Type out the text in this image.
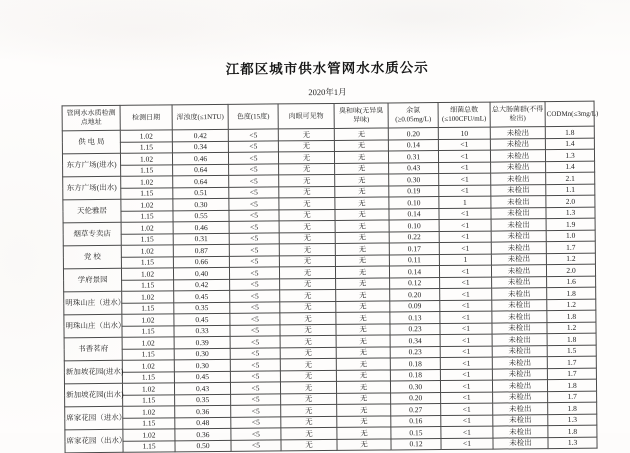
江都区城市供水管网水水质公示
2020年1月
管网水水质检测点地址	检测日期	浑浊度(≤1NTU)	色度(15度)	肉眼可见物	臭和味(无异臭异味)	余氯(≥0.05mg/L)	细菌总数(≤100CFU/mL)	总大肠菌群(不得检出)	CODMn(≤3mg/L)
供 电 局	1.02	0.42	<5	无	无	0.20	10	未检出	1.8
	1.15	0.34	<5	无	无	0.14	<1	未检出	1.4
东方广场(进水)	1.02	0.46	<5	无	无	0.31	<1	未检出	1.3
	1.15	0.64	<5	无	无	0.43	<1	未检出	1.4
东方广场(出水)	1.02	0.64	<5	无	无	0.30	<1	未检出	2.1
	1.15	0.51	<5	无	无	0.19	<1	未检出	1.1
天伦雅居	1.02	0.30	<5	无	无	0.10	1	未检出	2.0
	1.15	0.55	<5	无	无	0.14	<1	未检出	1.3
烟草专卖店	1.02	0.46	<5	无	无	0.10	<1	未检出	1.9
	1.15	0.31	<5	无	无	0.22	<1	未检出	1.0
党 校	1.02	0.87	<5	无	无	0.17	<1	未检出	1.7
	1.15	0.66	<5	无	无	0.11	1	未检出	1.2
学府景园	1.02	0.40	<5	无	无	0.14	<1	未检出	2.0
	1.15	0.42	<5	无	无	0.12	<1	未检出	1.6
明珠山庄（进水）	1.02	0.45	<5	无	无	0.20	<1	未检出	1.8
	1.15	0.35	<5	无	无	0.09	<1	未检出	1.2
明珠山庄（出水）	1.02	0.45	<5	无	无	0.13	<1	未检出	1.8
	1.15	0.33	<5	无	无	0.23	<1	未检出	1.2
书香茗府	1.02	0.39	<5	无	无	0.34	<1	未检出	1.8
	1.15	0.30	<5	无	无	0.23	<1	未检出	1.5
新加坡花园(进水)	1.02	0.30	<5	无	无	0.18	<1	未检出	1.7
	1.15	0.45	<5	无	无	0.18	<1	未检出	1.7
新加坡花园(出水)	1.02	0.43	<5	无	无	0.30	<1	未检出	1.8
	1.15	0.35	<5	无	无	0.20	<1	未检出	1.7
席家花园（进水）	1.02	0.36	<5	无	无	0.27	<1	未检出	1.8
	1.15	0.48	<5	无	无	0.16	<1	未检出	1.3
席家花园（出水）	1.02	0.36	<5	无	无	0.15	<1	未检出	1.8
	1.15	0.50	<5	无	无	0.12	<1	未检出	1.3
